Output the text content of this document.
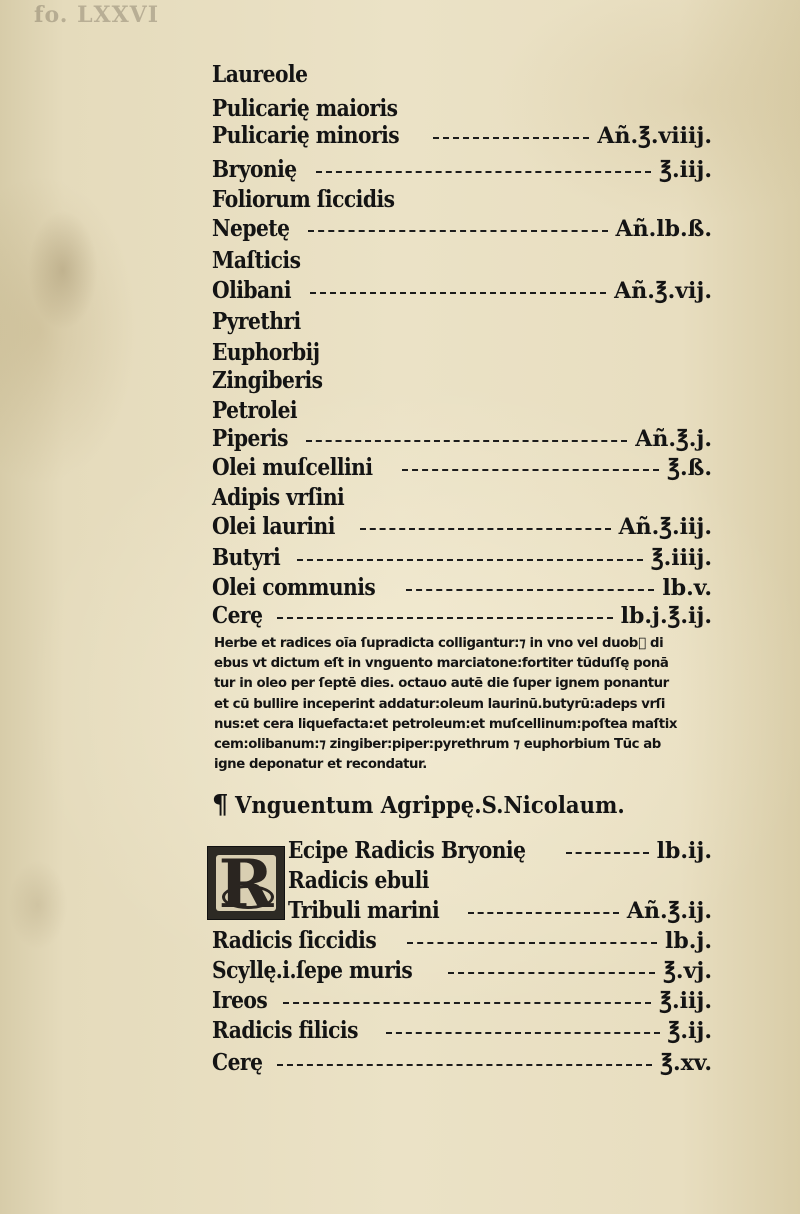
fo. LXXVI
Laureole
Pulicarię maioris
Pulicarię minoris	Añ.℥.viiij.
Bryonię	℥.iij.
Foliorum ſiccidis
Nepetę	Añ.lb.ß.
Maſticis
Olibani	Añ.℥.vij.
Pyrethri
Euphorbij
Zingiberis
Petrolei
Piperis	Añ.℥.j.
Olei muſcellini	℥.ß.
Adipis vrſini
Olei laurini	Añ.℥.iij.
Butyri	℥.iiij.
Olei communis	lb.v.
Cerę	lb.j.℥.ij.
Herbe et radices oīa ſupradicta colligantur:⁊ in vno vel duob᷒ di
ebus vt dictum eſt in vnguento marciatone:fortiter tūduſſę ponā
tur in oleo per ſeptē dies. octauo autē die ſuper ignem ponantur
et cū bullire inceperint addatur:oleum laurinū.butyrū:adeps vrſi
nus:et cera liquefacta:et petroleum:et muſcellinum:poſtea maſtix
cem:olibanum:⁊ zingiber:piper:pyrethrum ⁊ euphorbium Tūc ab
igne deponatur et recondatur.
¶ Vnguentum Agrippę.S.Nicolaum.
R Ecipe Radicis Bryonię	lb.ij.
Radicis ebuli
Tribuli marini	Añ.℥.ij.
Radicis ſiccidis	lb.j.
Scyllę.i.ſepe muris	℥.vj.
Ireos	℥.iij.
Radicis filicis	℥.ij.
Cerę	℥.xv.
